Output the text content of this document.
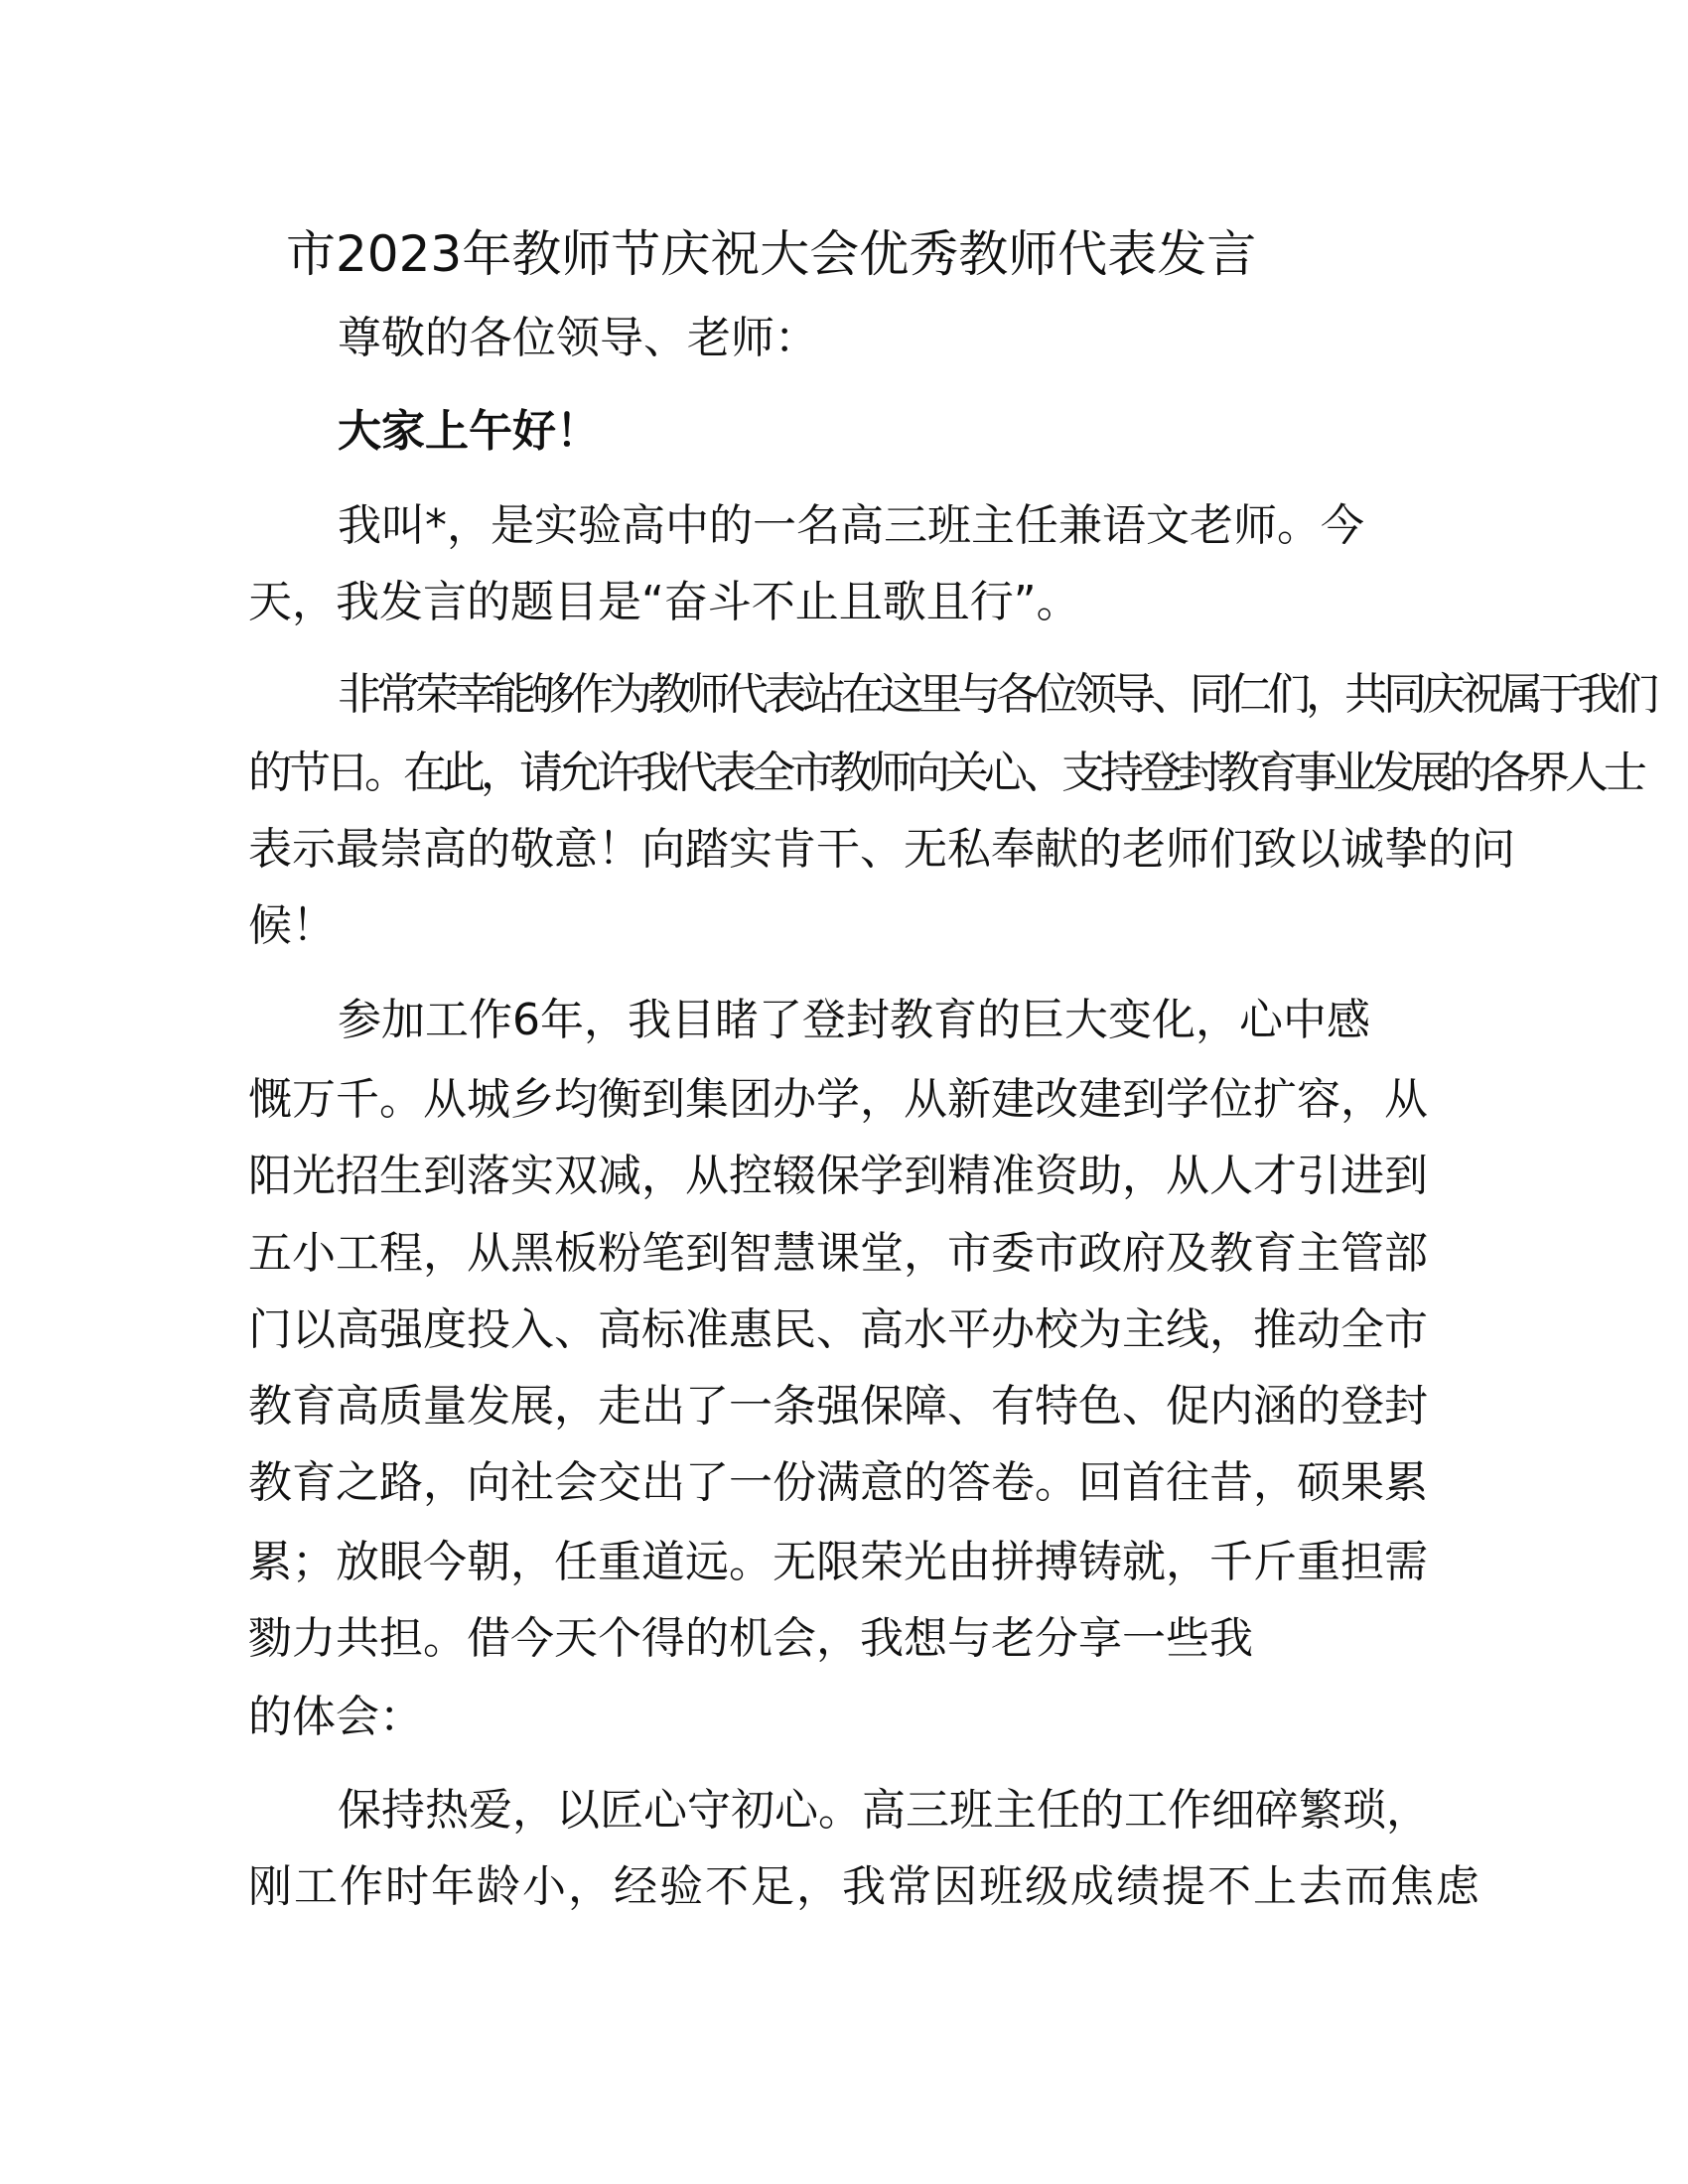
市2023年教师节庆祝大会优秀教师代表发言
尊敬的各位领导、老师：
大家上午好！
我叫*，是实验高中的一名高三班主任兼语文老师。今
天，我发言的题目是“奋斗不止且歌且行”。
非常荣幸能够作为教师代表站在这里与各位领导、同仁们，共同庆祝属于我们
的节日。在此，请允许我代表全市教师向关心、支持登封教育事业发展的各界人士
表示最崇高的敬意！向踏实肯干、无私奉献的老师们致以诚挚的问
候！
参加工作6年，我目睹了登封教育的巨大变化，心中感
慨万千。从城乡均衡到集团办学，从新建改建到学位扩容，从
阳光招生到落实双减，从控辍保学到精准资助，从人才引进到
五小工程，从黑板粉笔到智慧课堂，市委市政府及教育主管部
门以高强度投入、高标准惠民、高水平办校为主线，推动全市
教育高质量发展，走出了一条强保障、有特色、促内涵的登封
教育之路，向社会交出了一份满意的答卷。回首往昔，硕果累
累；放眼今朝，任重道远。无限荣光由拼搏铸就，千斤重担需
勠力共担。借今天个得的机会，我想与老分享一些我
的体会：
保持热爱，以匠心守初心。高三班主任的工作细碎繁琐，
刚工作时年龄小，经验不足，我常因班级成绩提不上去而焦虑
